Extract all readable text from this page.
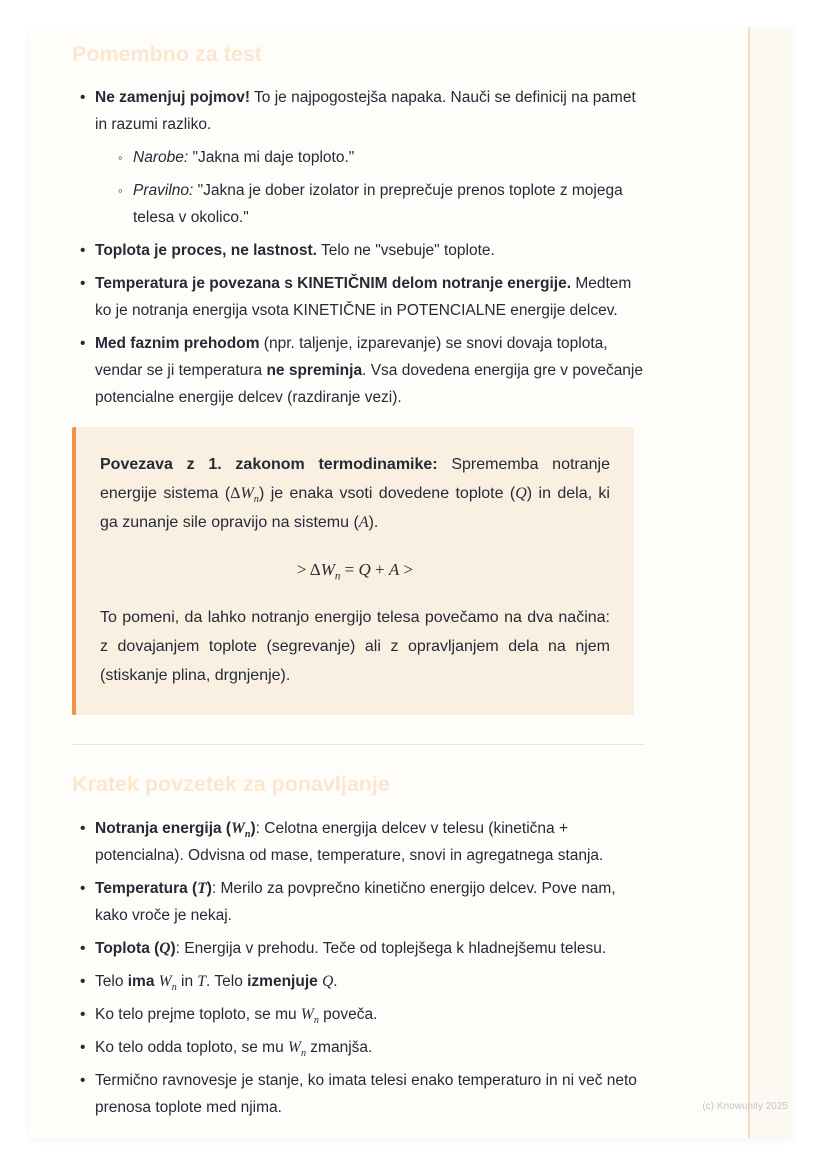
Pomembno za test
• Ne zamenjuj pojmov! To je najpogostejša napaka. Nauči se definicij na pamet in razumi razliko.
◦ Narobe: "Jakna mi daje toploto."
◦ Pravilno: "Jakna je dober izolator in preprečuje prenos toplote z mojega telesa v okolico."
• Toplota je proces, ne lastnost. Telo ne "vsebuje" toplote.
• Temperatura je povezana s KINETIČNIM delom notranje energije. Medtem ko je notranja energija vsota KINETIČNE in POTENCIALNE energije delcev.
• Med faznim prehodom (npr. taljenje, izparevanje) se snovi dovaja toplota, vendar se ji temperatura ne spreminja. Vsa dovedena energija gre v povečanje potencialne energije delcev (razdiranje vezi).

Povezava z 1. zakonom termodinamike: Sprememba notranje energije sistema $(\Delta W_n)$ je enaka vsoti dovedene toplote (Q) in dela, ki ga zunanje sile opravijo na sistemu (A).

> $\Delta W_n = Q + A$ >

To pomeni, da lahko notranjo energijo telesa povečamo na dva načina: z dovajanjem toplote (segrevanje) ali z opravljanjem dela na njem (stiskanje plina, drgnjenje).

Kratek povzetek za ponavljanje
• Notranja energija $(W_n)$: Celotna energija delcev v telesu (kinetična + potencialna). Odvisna od mase, temperature, snovi in agregatnega stanja.
• Temperatura (T): Merilo za povprečno kinetično energijo delcev. Pove nam, kako vroče je nekaj.
• Toplota (Q): Energija v prehodu. Teče od toplejšega k hladnejšemu telesu.
• Telo ima $W_n$ in T. Telo izmenjuje Q.
• Ko telo prejme toploto, se mu $W_n$ poveča.
• Ko telo odda toploto, se mu $W_n$ zmanjša.
• Termično ravnovesje je stanje, ko imata telesi enako temperaturo in ni več neto prenosa toplote med njima.	(c) Knowunity 2025
